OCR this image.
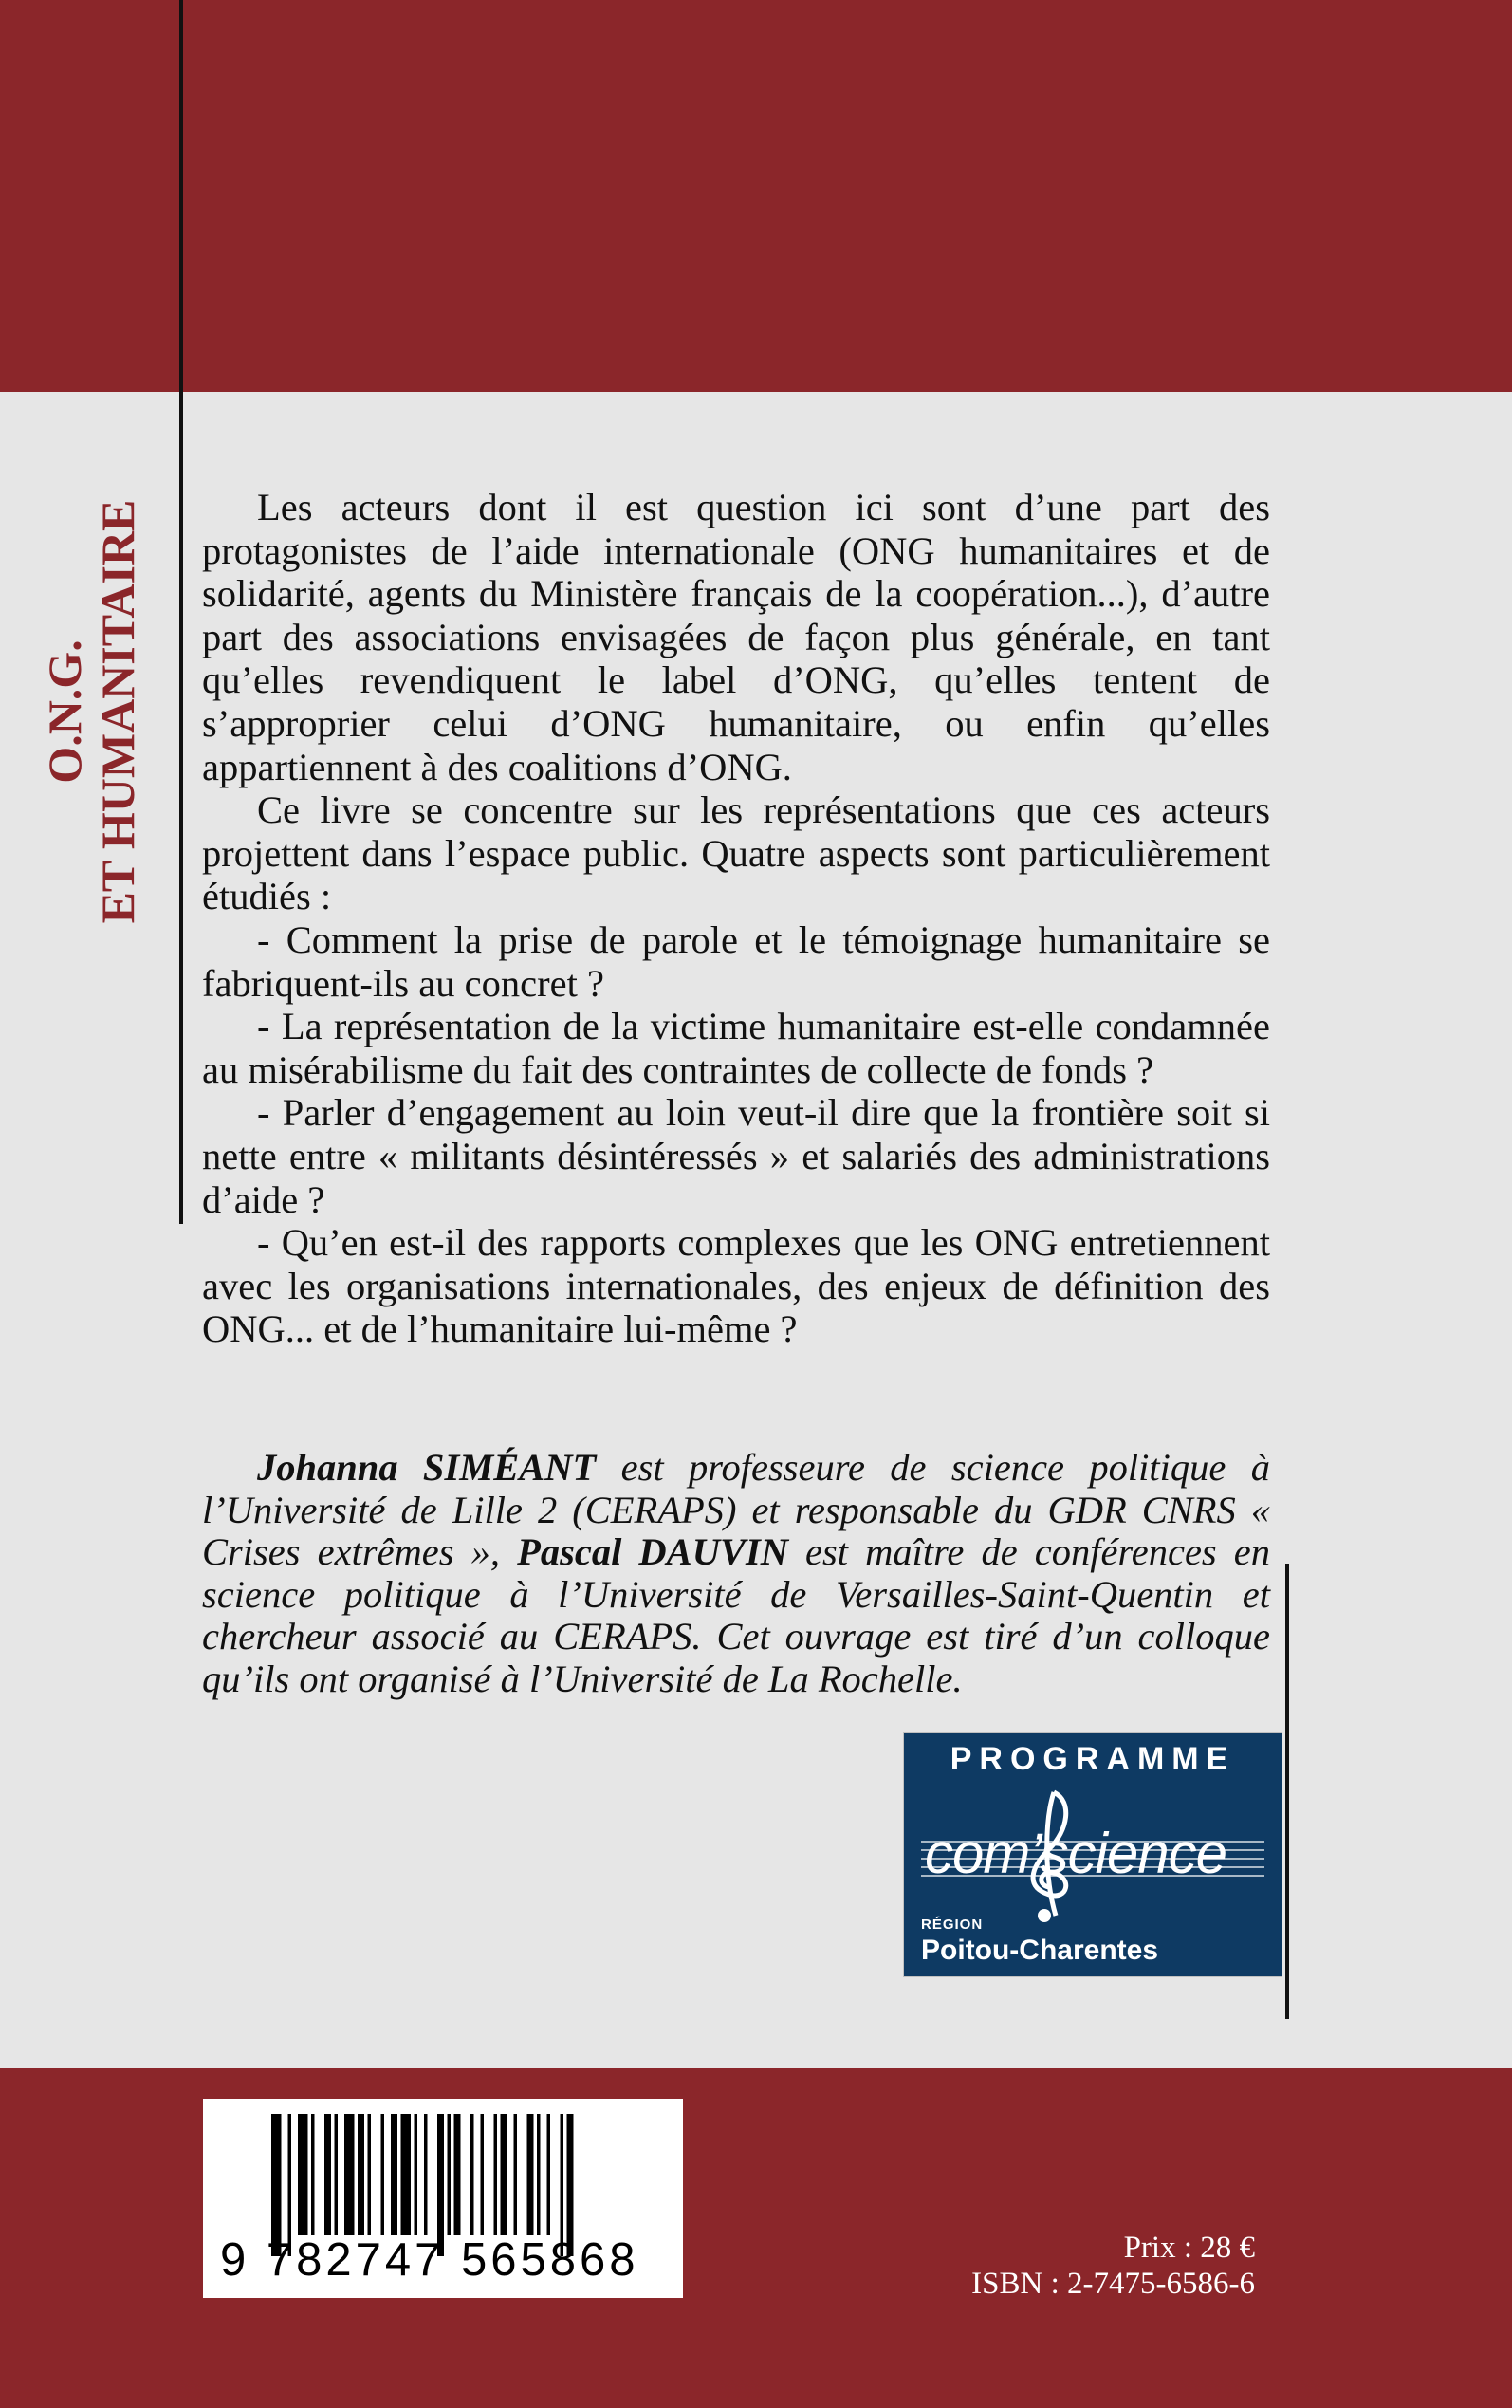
O.N.G. ET HUMANITAIRE	Les acteurs dont il est question ici sont d’une part des protagonistes de l’aide internationale (ONG humanitaires et de solidarité, agents du Ministère français de la coopération...), d’autre part des associations envisagées de façon plus générale, en tant qu’elles revendiquent le label d’ONG, qu’elles tentent de s’approprier celui d’ONG humanitaire, ou enfin qu’elles appartiennent à des coalitions d’ONG.

Ce livre se concentre sur les représentations que ces acteurs projettent dans l’espace public. Quatre aspects sont particulièrement étudiés :

- Comment la prise de parole et le témoignage humanitaire se fabriquent-ils au concret ?

- La représentation de la victime humanitaire est-elle condamnée au misérabilisme du fait des contraintes de collecte de fonds ?

- Parler d’engagement au loin veut-il dire que la frontière soit si nette entre « militants désintéressés » et salariés des administrations d’aide ?

- Qu’en est-il des rapports complexes que les ONG entretiennent avec les organisations internationales, des enjeux de définition des ONG... et de l’humanitaire lui-même ?

Johanna SIMÉANT est professeure de science politique à l’Université de Lille 2 (CERAPS) et responsable du GDR CNRS « Crises extrêmes », Pascal DAUVIN est maître de conférences en science politique à l’Université de Versailles-Saint-Quentin et chercheur associé au CERAPS. Cet ouvrage est tiré d’un colloque qu’ils ont organisé à l’Université de La Rochelle.

PROGRAMME
com’science
RÉGION
Poitou-Charentes
9 782747 565868	Prix : 28 €
ISBN : 2-7475-6586-6
